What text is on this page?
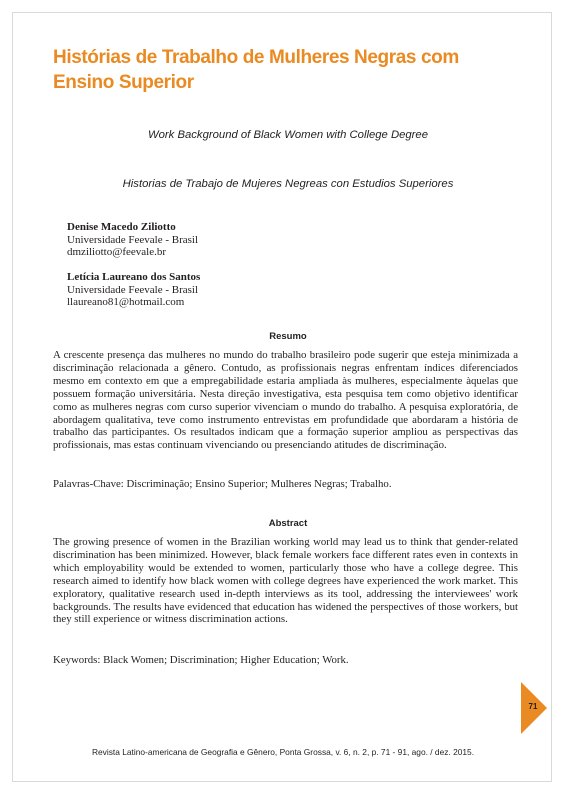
Histórias de Trabalho de Mulheres Negras com
Ensino Superior

Work Background of Black Women with College Degree

Historias de Trabajo de Mujeres Negreas con Estudios Superiores

Denise Macedo Ziliotto
Universidade Feevale - Brasil
dmziliotto@feevale.br
Letícia Laureano dos Santos
Universidade Feevale - Brasil
llaureano81@hotmail.com
Resumo

A crescente presença das mulheres no mundo do trabalho brasileiro pode sugerir que esteja minimizada a discriminação relacionada a gênero. Contudo, as profissionais negras enfrentam índices diferenciados mesmo em contexto em que a empregabilidade estaria ampliada às mulheres, especialmente àquelas que possuem formação universitária. Nesta direção investigativa, esta pesquisa tem como objetivo identificar como as mulheres negras com curso superior vivenciam o mundo do trabalho. A pesquisa exploratória, de abordagem qualitativa, teve como instrumento entrevistas em profundidade que abordaram a história de trabalho das participantes. Os resultados indicam que a formação superior ampliou as perspectivas das profissionais, mas estas continuam vivenciando ou presenciando atitudes de discriminação.

Palavras-Chave: Discriminação; Ensino Superior; Mulheres Negras; Trabalho.

Abstract

The growing presence of women in the Brazilian working world may lead us to think that gender-related discrimination has been minimized. However, black female workers face different rates even in contexts in which employability would be extended to women, particularly those who have a college degree. This research aimed to identify how black women with college degrees have experienced the work market. This exploratory, qualitative research used in-depth interviews as its tool, addressing the interviewees' work backgrounds. The results have evidenced that education has widened the perspectives of those workers, but they still experience or witness discrimination actions.

Keywords: Black Women; Discrimination; Higher Education; Work.

71
Revista Latino-americana de Geografia e Gênero, Ponta Grossa, v. 6, n. 2, p. 71 - 91, ago. / dez. 2015.
